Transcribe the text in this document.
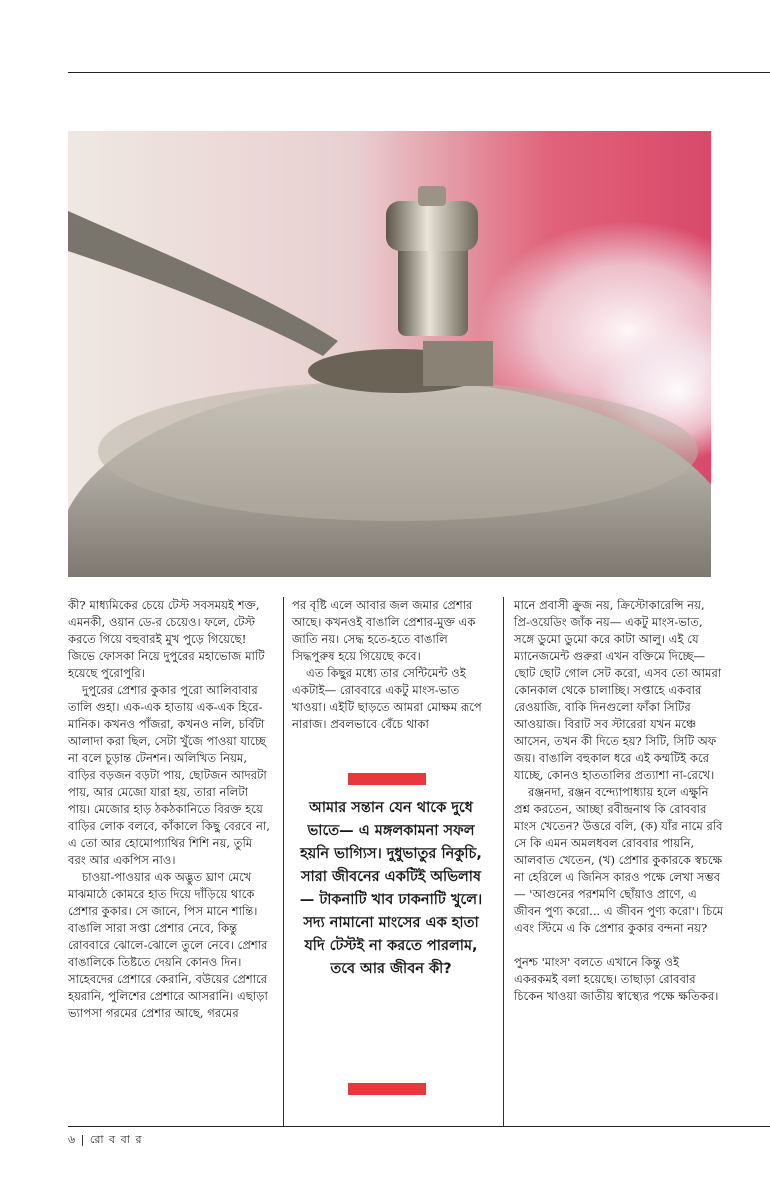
কী? মাধ্যমিকের চেয়ে টেস্ট সবসময়ই শক্ত, এমনকী, ওয়ান ডে-র চেয়েও। ফলে, টেস্ট করতে গিয়ে বহুবারই মুখ পুড়ে গিয়েছে! জিভে ফোসকা নিয়ে দুপুরের মহাভোজ মাটি হয়েছে পুরোপুরি।

দুপুরের প্রেশার কুকার পুরো আলিবাবার তালি গুহা। এক-এক হাতায় এক-এক হিরে-মানিক। কখনও পাঁজরা, কখনও নলি, চর্বিটা আলাদা করা ছিল, সেটা খুঁজে পাওয়া যাচ্ছে না বলে চূড়ান্ত টেনশন। অলিখিত নিয়ম, বাড়ির বড়জন বড়টা পায়, ছোটজন আদরটা পায়, আর মেজো যারা হয়, তারা নলিটা পায়। মেজোর হাড় ঠকঠকানিতে বিরক্ত হয়ে বাড়ির লোক বলবে, কাঁকালে কিছু বেরবে না, এ তো আর হোমোপ্যাথির শিশি নয়, তুমি বরং আর একপিস নাও।

চাওয়া-পাওয়ার এক অদ্ভুত ঘ্রাণ মেখে মাঝমাঠে কোমরে হাত দিয়ে দাঁড়িয়ে থাকে প্রেশার কুকার। সে জানে, পিস মানে শান্তি। বাঙালি সারা সপ্তা প্রেশার নেবে, কিন্তু রোববারে ঝোলে-ঝোলে তুলে নেবে। প্রেশার বাঙালিকে তিষ্টতে দেয়নি কোনও দিন। সাহেবদের প্রেশারে কেরানি, বউয়ের প্রেশারে হয়রানি, পুলিশের প্রেশারে আসরানি। এছাড়া ভ্যাপসা গরমের প্রেশার আছে, গরমের

পর বৃষ্টি এলে আবার জল জমার প্রেশার আছে। কখনওই বাঙালি প্রেশার-মুক্ত এক জাতি নয়। সেদ্ধ হতে-হতে বাঙালি সিদ্ধপুরুষ হয়ে গিয়েছে কবে।

এত কিছুর মধ্যে তার সেন্টিমেন্ট ওই একটাই— রোববারে একটু মাংস-ভাত খাওয়া। এইটি ছাড়তে আমরা মোক্ষম রূপে নারাজ। প্রবলভাবে বেঁচে থাকা

আমার সন্তান যেন থাকে দুধে ভাতে— এ মঙ্গলকামনা সফল হয়নি ভাগ্যিস। দুধুভাতুর নিকুচি, সারা জীবনের একটিই অভিলাষ— টাকনাটি খাব ঢাকনাটি খুলে। সদ্য নামানো মাংসের এক হাতা যদি টেস্টই না করতে পারলাম, তবে আর জীবন কী?

মানে প্রবাসী ক্রুজ নয়, ক্রিস্টোকারেন্সি নয়, প্রি-ওয়েডিং জাঁক নয়— একটু মাংস-ভাত, সঙ্গে ডুমো ডুমো করে কাটা আলু। এই যে ম্যানেজমেন্ট গুরুরা এখন বক্তিমে দিচ্ছে— ছোট ছোট গোল সেট করো, এসব তো আমরা কোনকাল থেকে চালাচ্ছি। সপ্তাহে একবার রেওয়াজি, বাকি দিনগুলো ফাঁকা সিটির আওয়াজ। বিরাট সব স্টারেরা যখন মঞ্চে আসেন, তখন কী দিতে হয়? সিটি, সিটি অফ জয়। বাঙালি বহুকাল ধরে এই কম্মটিই করে যাচ্ছে, কোনও হাততালির প্রত্যাশা না-রেখে।

রঞ্জনদা, রঞ্জন বন্দ্যোপাধ্যায় হলে এক্ষুনি প্রশ্ন করতেন, আচ্ছা রবীন্দ্রনাথ কি রোববার মাংস খেতেন? উত্তরে বলি, (ক) যাঁর নামে রবি সে কি এমন অমলধবল রোববার পায়নি, আলবাত খেতেন, (খ) প্রেশার কুকারকে স্বচক্ষে না হেরিলে এ জিনিস কারও পক্ষে লেখা সম্ভব— 'আগুনের পরশমণি ছোঁয়াও প্রাণে, এ জীবন পুণ্য করো... এ জীবন পুণ্য করো'। চিমে এবং স্টিমে এ কি প্রেশার কুকার বন্দনা নয়?

পুনশ্চ 'মাংস' বলতে এখানে কিন্তু ওই একরকমই বলা হয়েছে। তাছাড়া রোববার চিকেন খাওয়া জাতীয় স্বাস্থ্যের পক্ষে ক্ষতিকর।

৬ | রো ব বা র
